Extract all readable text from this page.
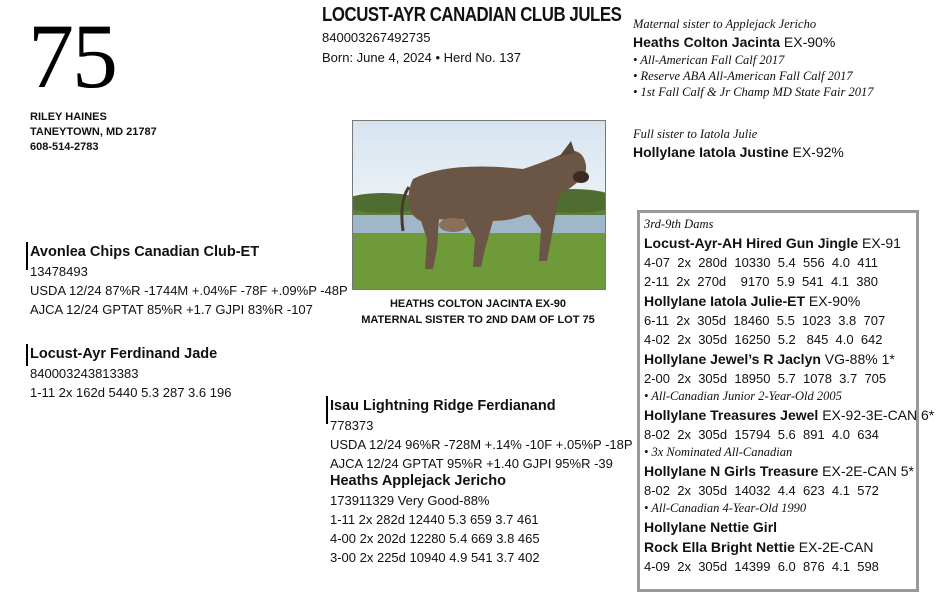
75
RILEY HAINES
TANEYTOWN, MD 21787
608-514-2783
LOCUST-AYR CANADIAN CLUB JULES
840003267492735
Born: June 4, 2024 • Herd No. 137
HEATHS COLTON JACINTA EX-90
MATERNAL SISTER TO 2ND DAM OF LOT 75
Maternal sister to Applejack Jericho
Heaths Colton Jacinta EX-90%
• All-American Fall Calf 2017
• Reserve ABA All-American Fall Calf 2017
• 1st Fall Calf & Jr Champ MD State Fair 2017
Full sister to Iatola Julie
Hollylane Iatola Justine EX-92%
Avonlea Chips Canadian Club-ET
13478493
USDA 12/24 87%R -1744M +.04%F -78F +.09%P -48P
AJCA 12/24 GPTAT 85%R +1.7 GJPI 83%R -107
Locust-Ayr Ferdinand Jade
840003243813383
1-11 2x 162d 5440 5.3 287 3.6 196
Isau Lightning Ridge Ferdianand
778373
USDA 12/24 96%R -728M +.14% -10F +.05%P -18P
AJCA 12/24 GPTAT 95%R +1.40 GJPI 95%R -39
Heaths Applejack Jericho
173911329 Very Good-88%
1-11 2x 282d 12440 5.3 659 3.7 461
4-00 2x 202d 12280 5.4 669 3.8 465
3-00 2x 225d 10940 4.9 541 3.7 402
3rd-9th Dams
Locust-Ayr-AH Hired Gun Jingle EX-91
4-07  2x  280d  10330  5.4  556  4.0  411
2-11  2x  270d    9170  5.9  541  4.1  380
Hollylane Iatola Julie-ET EX-90%
6-11  2x  305d  18460  5.5  1023  3.8  707
4-02  2x  305d  16250  5.2   845  4.0  642
Hollylane Jewel’s R Jaclyn VG-88% 1*
2-00  2x  305d  18950  5.7  1078  3.7  705
• All-Canadian Junior 2-Year-Old 2005
Hollylane Treasures Jewel EX-92-3E-CAN 6*
8-02  2x  305d  15794  5.6  891  4.0  634
• 3x Nominated All-Canadian
Hollylane N Girls Treasure EX-2E-CAN 5*
8-02  2x  305d  14032  4.4  623  4.1  572
• All-Canadian 4-Year-Old 1990
Hollylane Nettie Girl
Rock Ella Bright Nettie EX-2E-CAN
4-09  2x  305d  14399  6.0  876  4.1  598
